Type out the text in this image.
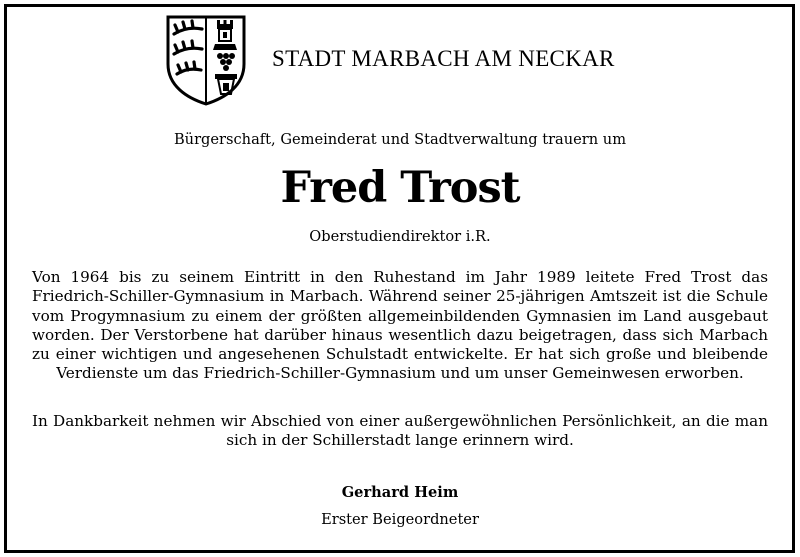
STADT MARBACH AM NECKAR
Bürgerschaft, Gemeinderat und Stadtverwaltung trauern um
Fred Trost
Oberstudiendirektor i.R.

Von 1964 bis zu seinem Eintritt in den Ruhestand im Jahr 1989 leitete Fred Trost das Friedrich-Schiller-Gymnasium in Marbach. Während seiner 25-jährigen Amtszeit ist die Schule vom Progymnasium zu einem der größten allgemeinbildenden Gymnasien im Land ausgebaut worden. Der Verstorbene hat darüber hinaus wesentlich dazu beigetragen, dass sich Marbach zu einer wichtigen und angesehenen Schulstadt entwickelte. Er hat sich große und bleibende Verdienste um das Friedrich-Schiller-Gymnasium und um unser Gemeinwesen erworben.

In Dankbarkeit nehmen wir Abschied von einer außergewöhnlichen Persönlichkeit, an die man sich in der Schillerstadt lange erinnern wird.

Gerhard Heim
Erster Beigeordneter
